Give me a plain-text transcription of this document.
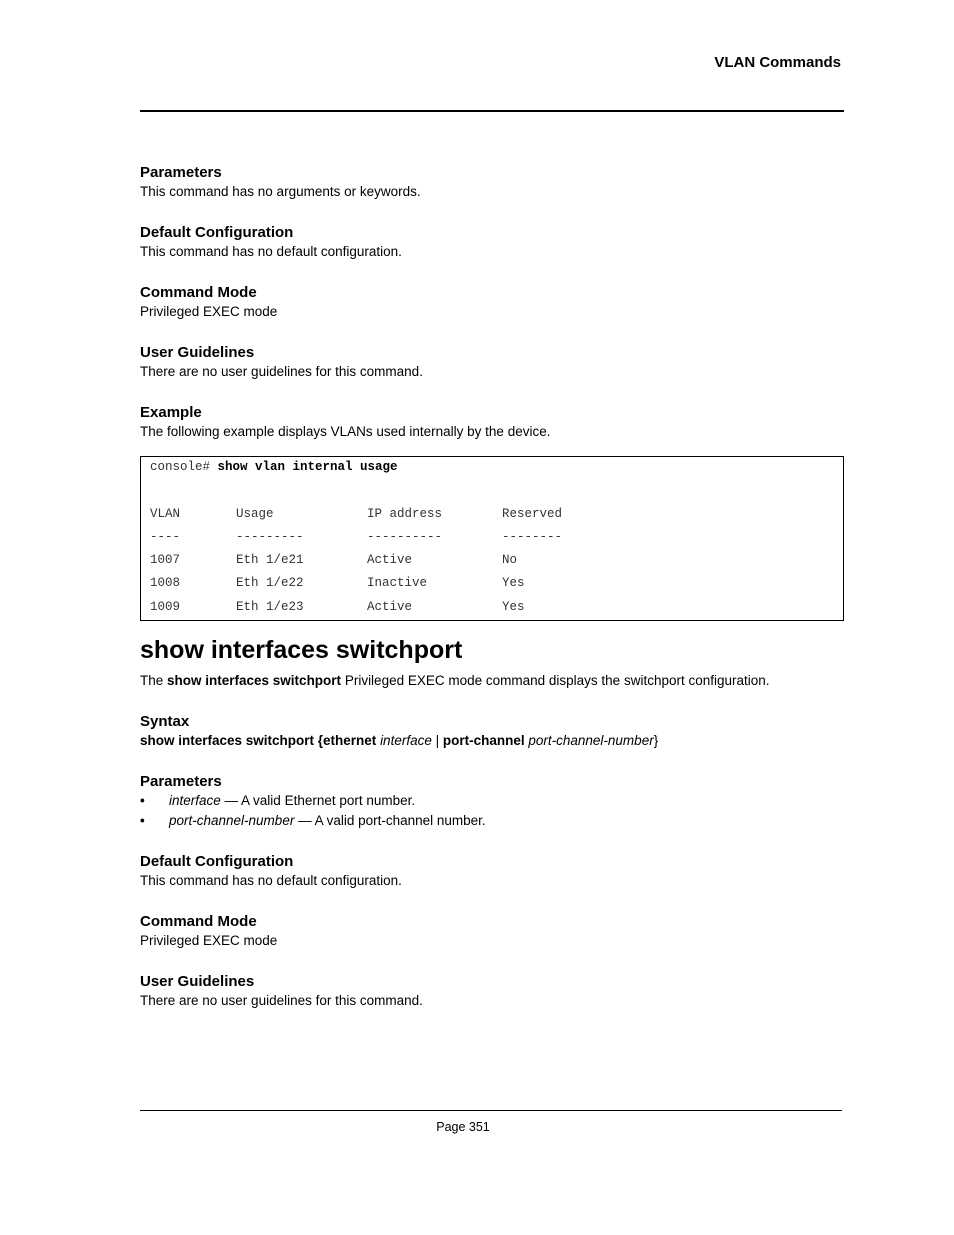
VLAN Commands

Parameters

This command has no arguments or keywords.

Default Configuration

This command has no default configuration.

Command Mode

Privileged EXEC mode

User Guidelines

There are no user guidelines for this command.

Example

The following example displays VLANs used internally by the device.

console# show vlan internal usage
VLAN	Usage	IP address	Reserved
----	---------	----------	--------
1007	Eth 1/e21	Active	No
1008	Eth 1/e22	Inactive	Yes
1009	Eth 1/e23	Active	Yes
show interfaces switchport

The show interfaces switchport Privileged EXEC mode command displays the switchport configuration.

Syntax

show interfaces switchport {ethernet interface | port-channel port-channel-number}

Parameters

• interface — A valid Ethernet port number.
• port-channel-number — A valid port-channel number.

Default Configuration

This command has no default configuration.

Command Mode

Privileged EXEC mode

User Guidelines

There are no user guidelines for this command.

Page 351
